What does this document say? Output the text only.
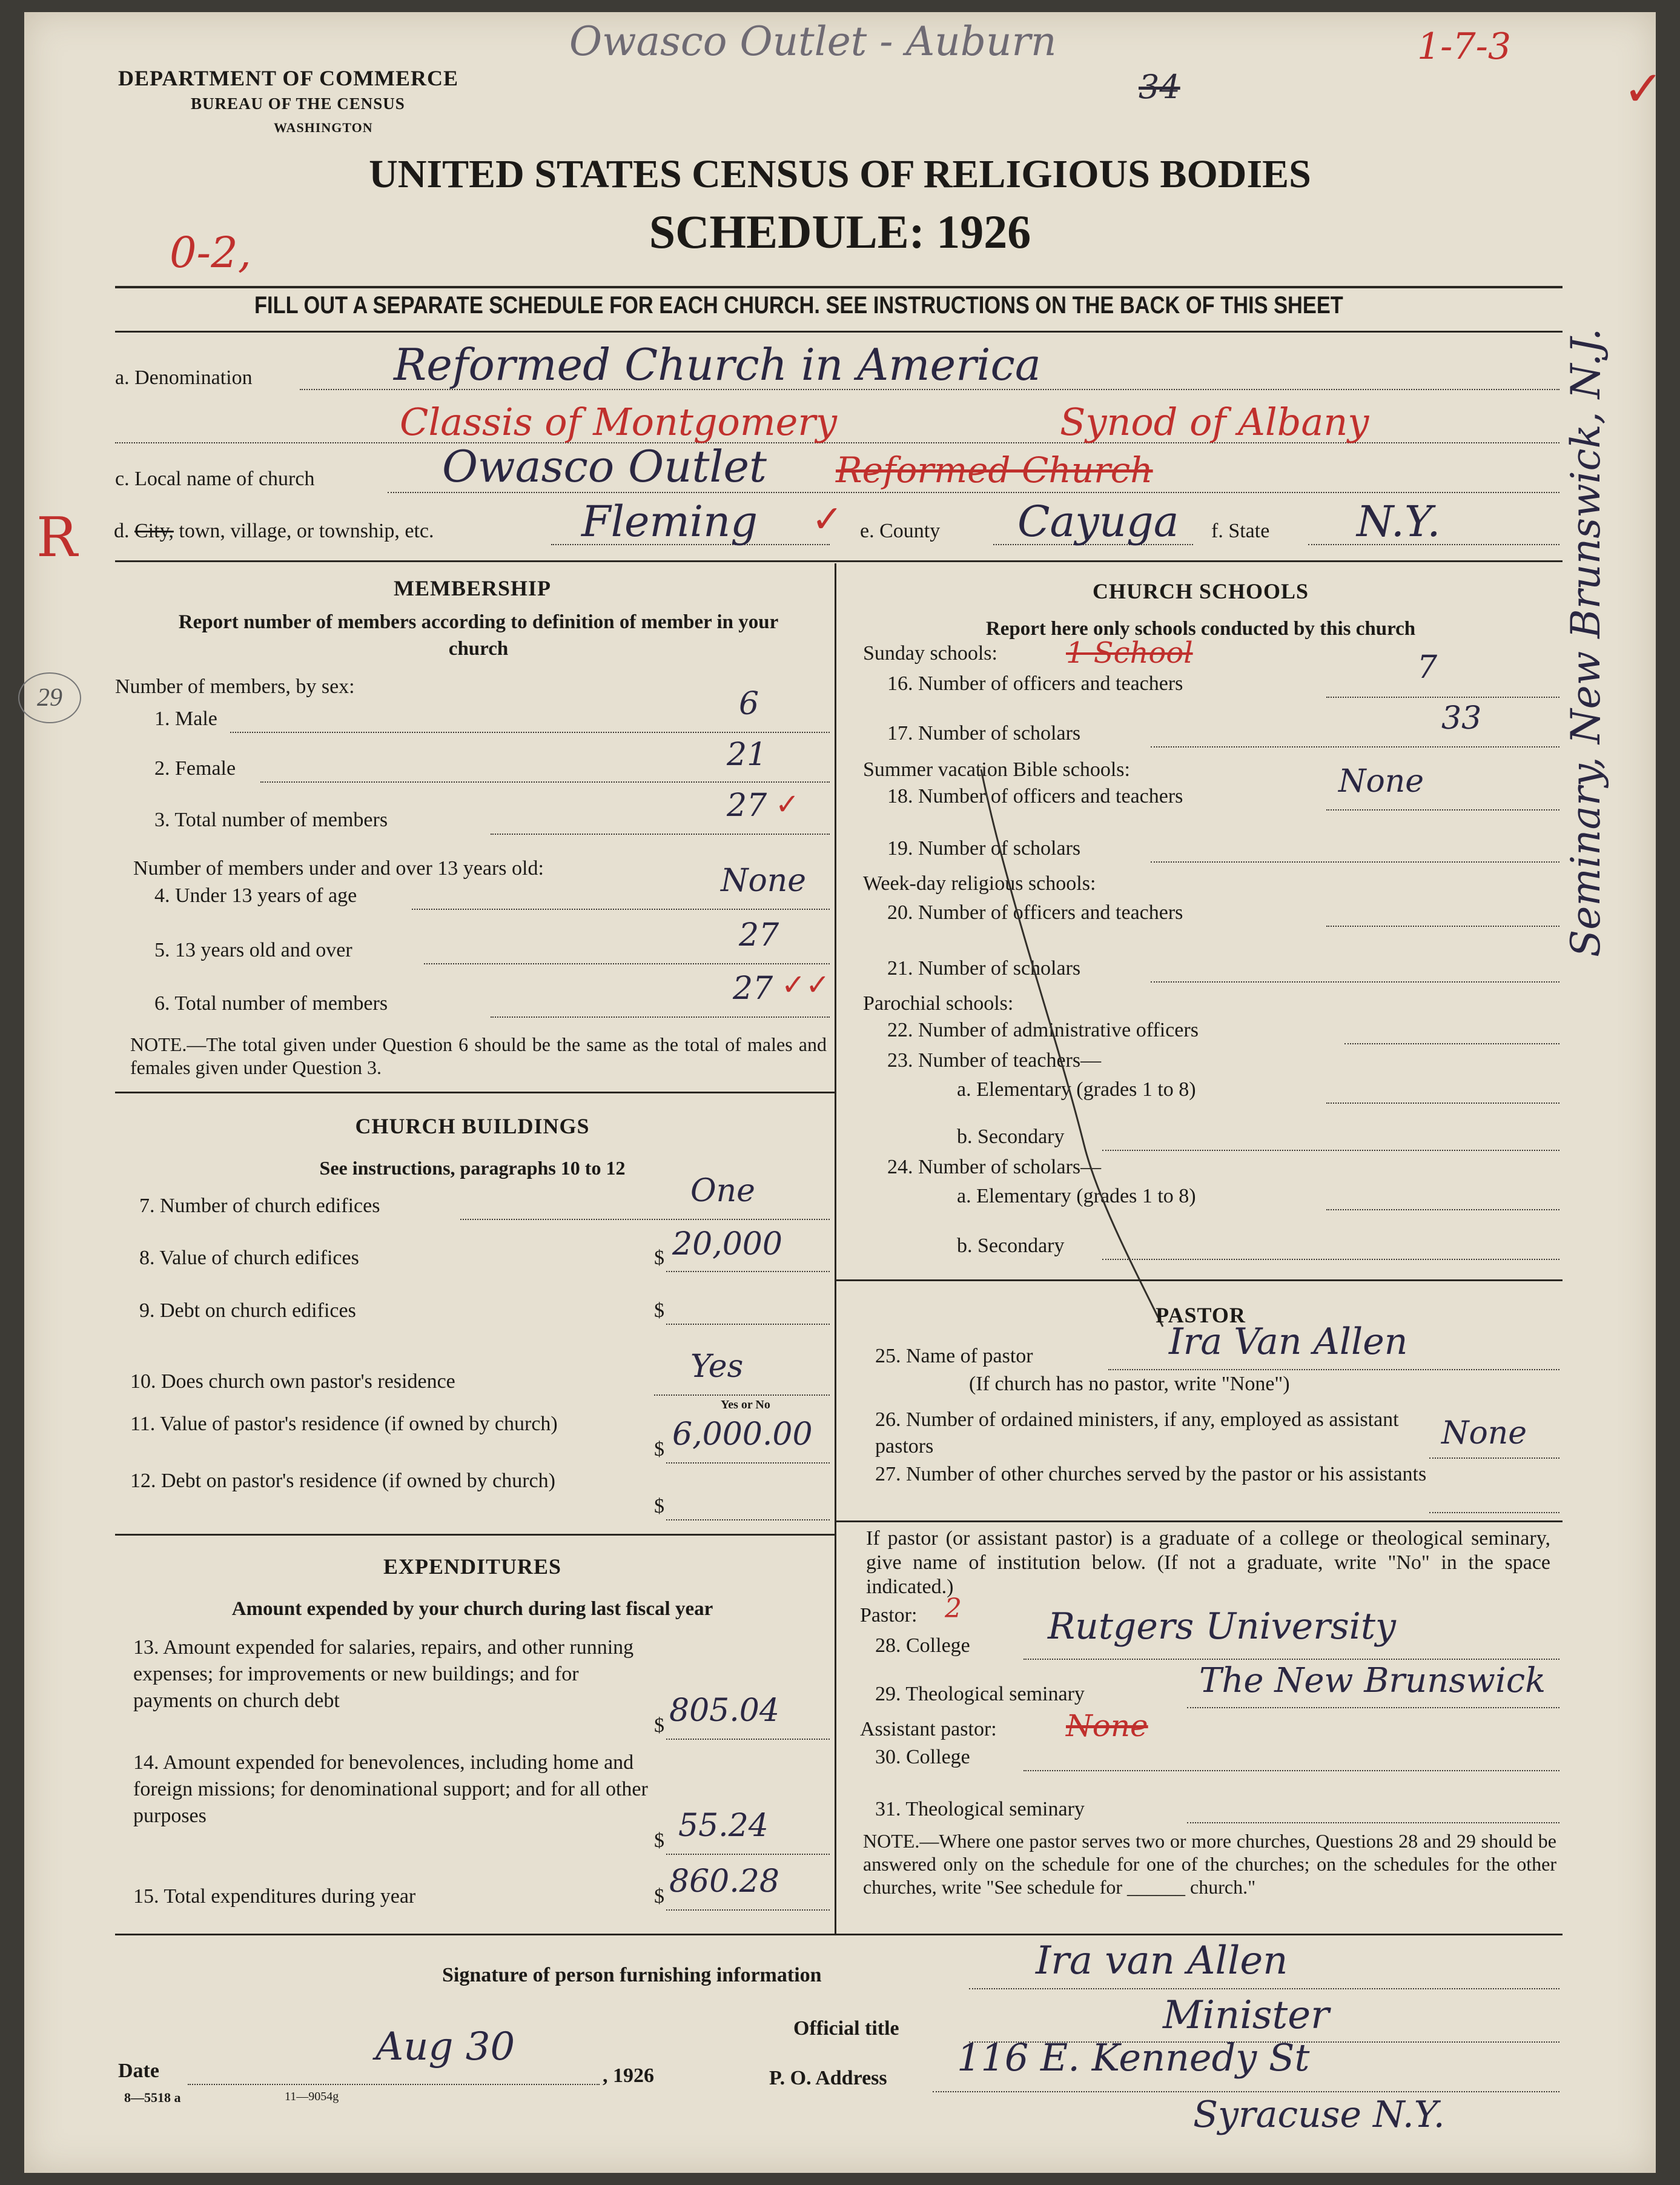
Owasco Outlet - Auburn	1-7-3
34	✓
DEPARTMENT OF COMMERCE
BUREAU OF THE CENSUS
WASHINGTON
UNITED STATES CENSUS OF RELIGIOUS BODIES
SCHEDULE: 1926
0-2,
FILL OUT A SEPARATE SCHEDULE FOR EACH CHURCH. SEE INSTRUCTIONS ON THE BACK OF THIS SHEET
a. Denomination	Reformed Church in America
Classis of Montgomery	Synod of Albany
c. Local name of church	Owasco Outlet Reformed Church
R d. City, town, village, or township, etc.	Fleming ✓ e. County Cayuga f. State N.Y.
MEMBERSHIP
Report number of members according to definition of member in your church
Number of members, by sex:
29
1. Male	6
2. Female	21
3. Total number of members	27 ✓
Number of members under and over 13 years old:
4. Under 13 years of age	None
5. 13 years old and over	27
6. Total number of members	27 ✓✓
NOTE.—The total given under Question 6 should be the same as the total of males and females given under Question 3.
CHURCH BUILDINGS
See instructions, paragraphs 10 to 12
7. Number of church edifices	One
8. Value of church edifices	$ 20,000
9. Debt on church edifices	$
10. Does church own pastor's residence	Yes
Yes or No
11. Value of pastor's residence (if owned by church)
$ 6,000.00
12. Debt on pastor's residence (if owned by church)
$
EXPENDITURES
Amount expended by your church during last fiscal year
13. Amount expended for salaries, repairs, and other running expenses; for improvements or new buildings; and for payments on church debt
$ 805.04
14. Amount expended for benevolences, including home and foreign missions; for denominational support; and for all other purposes
$ 55.24
15. Total expenditures during year	$ 860.28
CHURCH SCHOOLS
Report here only schools conducted by this church
Sunday schools: 1 School
16. Number of officers and teachers	7
17. Number of scholars	33
Summer vacation Bible schools:
18. Number of officers and teachers	None
19. Number of scholars
Week-day religious schools:
20. Number of officers and teachers
21. Number of scholars
Parochial schools:
22. Number of administrative officers
23. Number of teachers—
a. Elementary (grades 1 to 8)
b. Secondary
24. Number of scholars—
a. Elementary (grades 1 to 8)
b. Secondary
PASTOR
25. Name of pastor	Ira Van Allen
(If church has no pastor, write "None")
26. Number of ordained ministers, if any, employed as assistant pastors	None
27. Number of other churches served by the pastor or his assistants
If pastor (or assistant pastor) is a graduate of a college or theological seminary, give name of institution below. (If not a graduate, write "No" in the space indicated.)
Pastor: 2
28. College Rutgers University
29. Theological seminary	The New Brunswick
Assistant pastor: None
30. College
31. Theological seminary
NOTE.—Where one pastor serves two or more churches, Questions 28 and 29 should be answered only on the schedule for one of the churches; on the schedules for the other churches, write "See schedule for ______ church."
Seminary, New Brunswick, N.J.
Signature of person furnishing information	Ira van Allen
Official title	Minister
Date
Aug 30
, 1926	P. O. Address 116 E. Kennedy St
Syracuse N.Y.
8—5518 a	11—9054g
